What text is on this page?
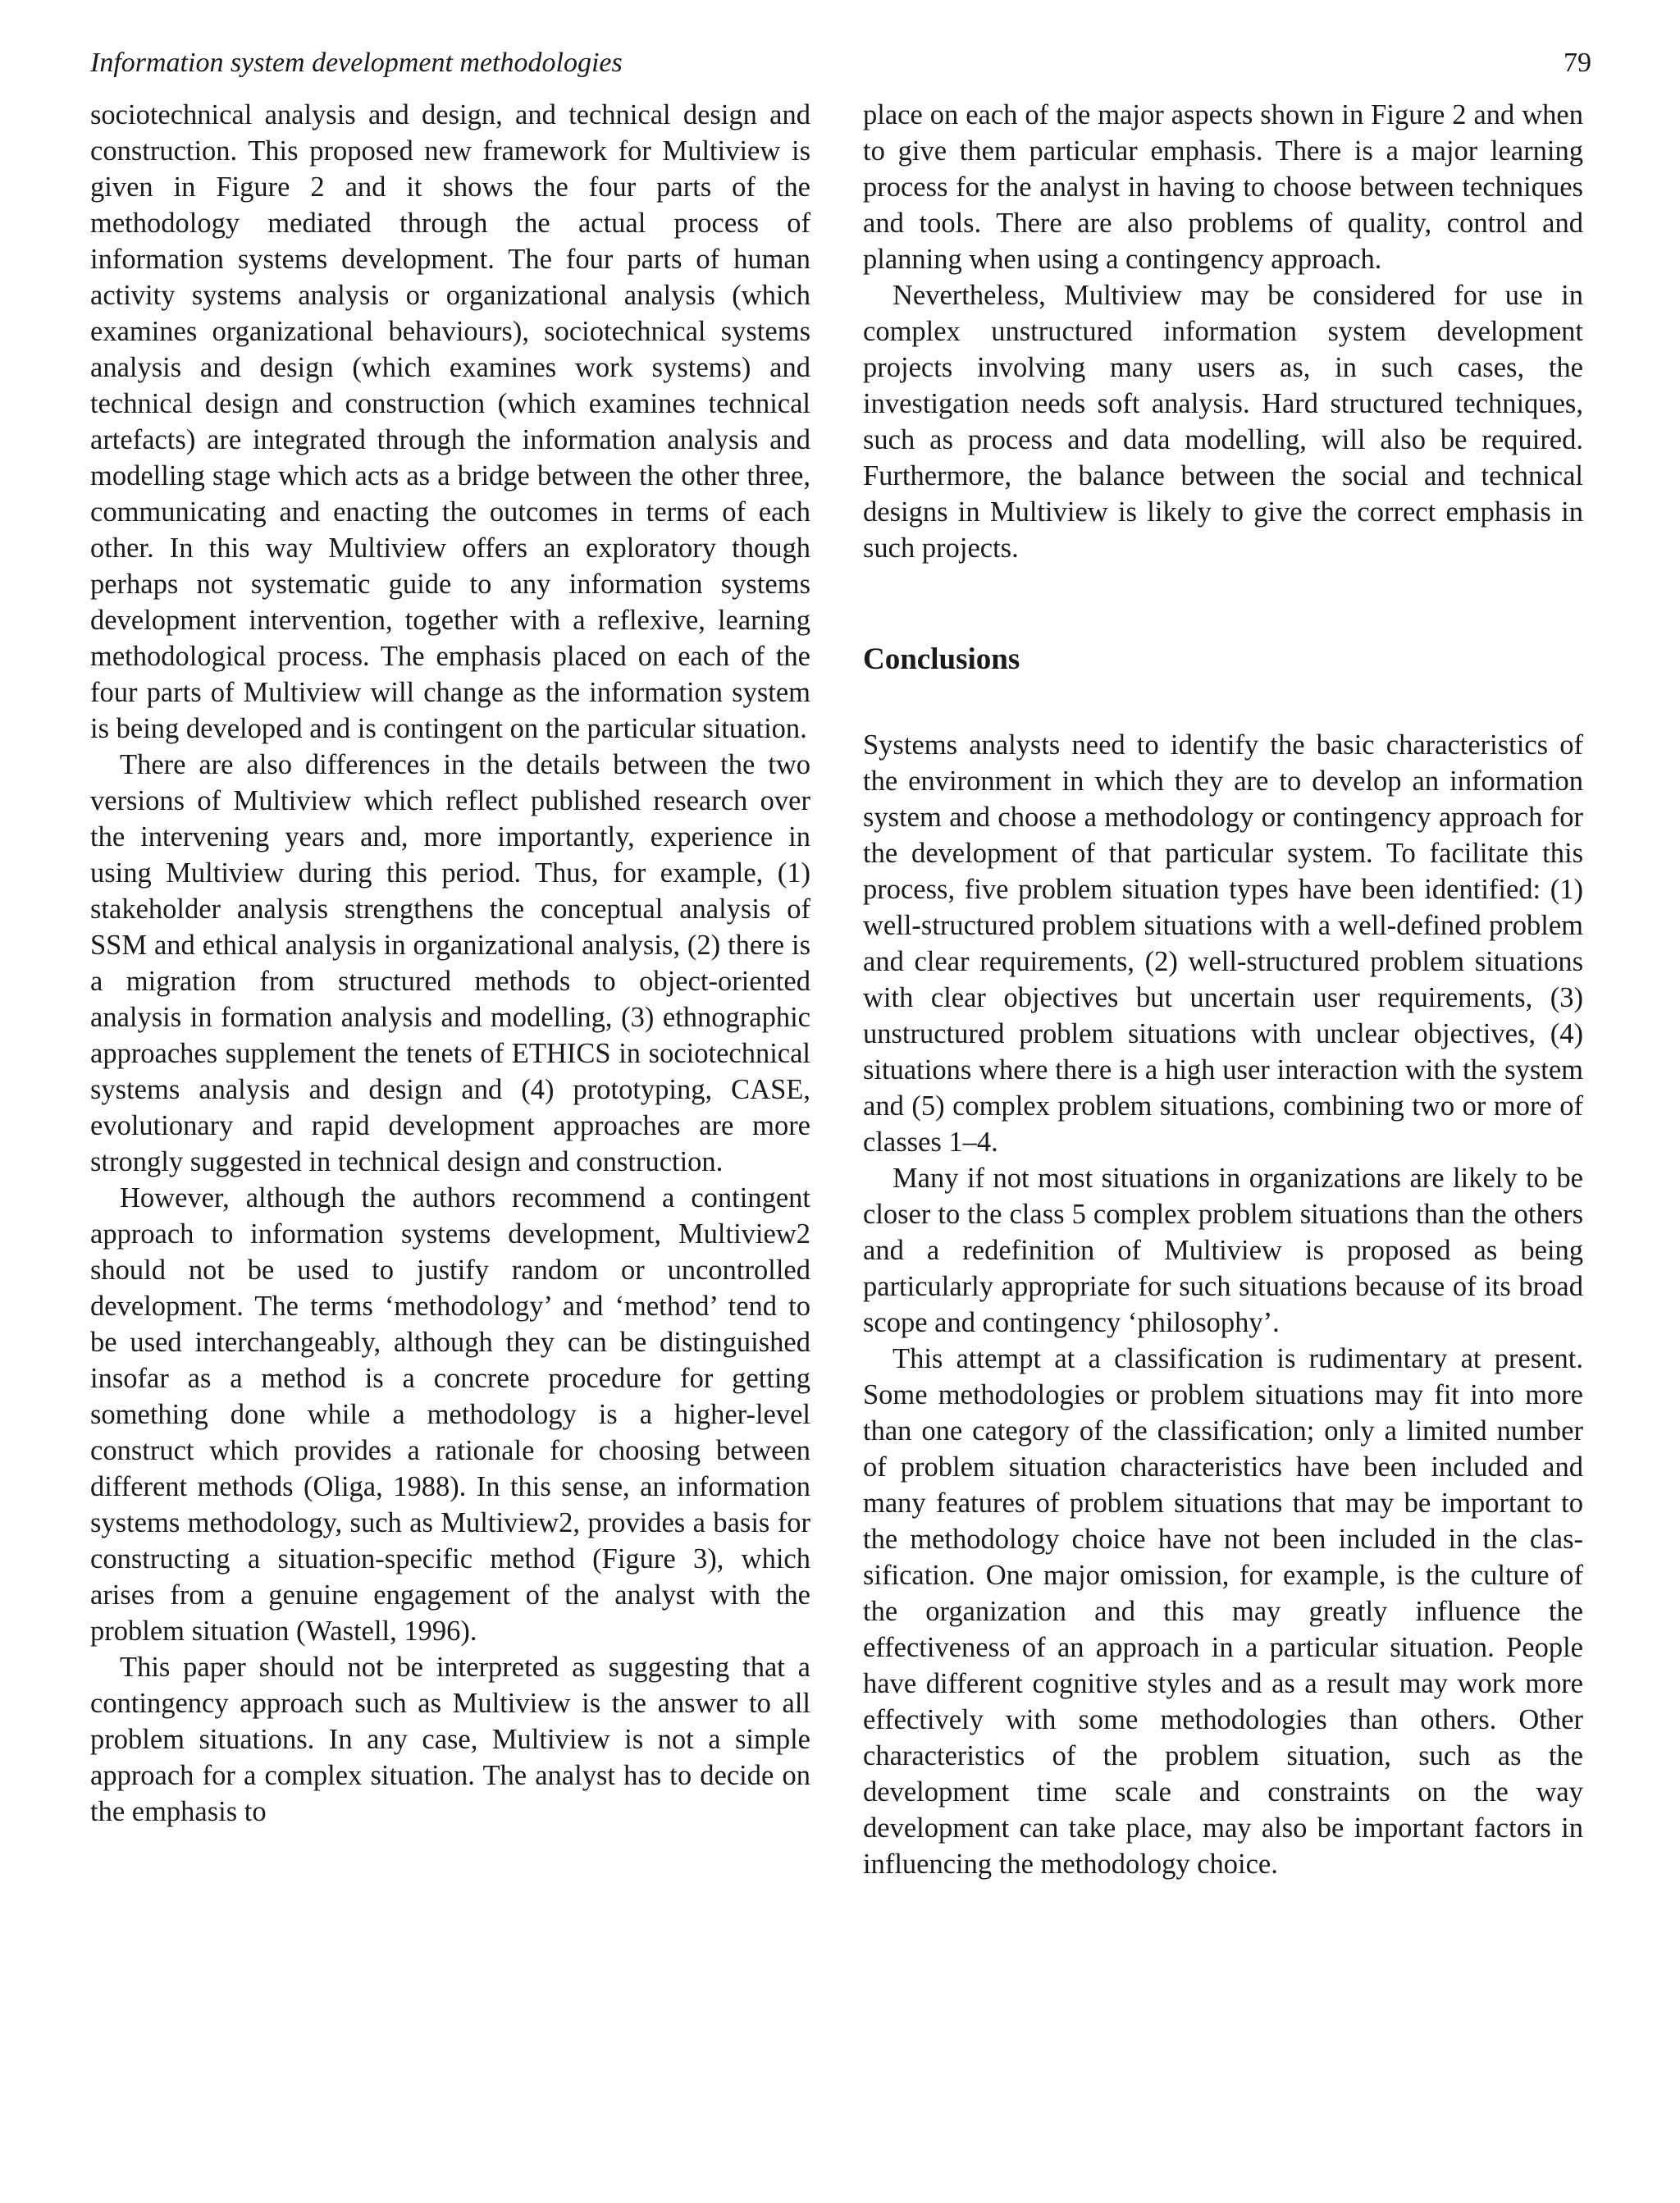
Information system development methodologies	79

sociotechnical analysis and design, and technical design and construction. This proposed new framework for Multiview is given in Figure 2 and it shows the four parts of the methodology mediated through the actual process of information systems development. The four parts of human activity systems analysis or organizational analysis (which examines organizational behaviours), sociotechnical systems analysis and design (which examines work systems) and technical design and construction (which examines technical artefacts) are integrated through the information analysis and modelling stage which acts as a bridge between the other three, communicating and enacting the outcomes in terms of each other. In this way Multiview offers an exploratory though perhaps not systematic guide to any information systems development intervention, together with a reflexive, learning methodological process. The emphasis placed on each of the four parts of Multiview will change as the information system is being developed and is contingent on the particular situation.

There are also differences in the details between the two versions of Multiview which reflect published research over the intervening years and, more importantly, experience in using Multiview during this period. Thus, for example, (1) stakeholder analysis strengthens the conceptual analysis of SSM and ethical analysis in organizational analysis, (2) there is a migration from structured methods to object-oriented analysis in formation analysis and modelling, (3) ethnographic approaches supplement the tenets of ETHICS in sociotechnical systems analysis and design and (4) prototyping, CASE, evolutionary and rapid development approaches are more strongly suggested in technical design and construction.

However, although the authors recommend a contingent approach to information systems development, Multiview2 should not be used to justify random or uncontrolled development. The terms ‘methodology’ and ‘method’ tend to be used interchangeably, although they can be distinguished insofar as a method is a concrete procedure for getting something done while a methodology is a higher-level construct which provides a rationale for choosing between different methods (Oliga, 1988). In this sense, an information systems methodology, such as Multiview2, provides a basis for constructing a situation-specific method (Figure 3), which arises from a genuine engagement of the analyst with the problem situation (Wastell, 1996).

This paper should not be interpreted as suggesting that a contingency approach such as Multiview is the answer to all problem situations. In any case, Multiview is not a simple approach for a complex situation. The analyst has to decide on the emphasis to

place on each of the major aspects shown in Figure 2 and when to give them particular emphasis. There is a major learning process for the analyst in having to choose between techniques and tools. There are also problems of quality, control and planning when using a contingency approach.

Nevertheless, Multiview may be considered for use in complex unstructured information system development projects involving many users as, in such cases, the investigation needs soft analysis. Hard structured techniques, such as process and data modelling, will also be required. Furthermore, the balance between the social and technical designs in Multiview is likely to give the correct emphasis in such projects.

Conclusions

Systems analysts need to identify the basic characteristics of the environment in which they are to develop an information system and choose a methodology or contingency approach for the development of that particular system. To facilitate this process, five problem situation types have been identified: (1) well-structured problem situations with a well-defined problem and clear requirements, (2) well-structured problem situations with clear objectives but uncertain user requirements, (3) unstructured problem situations with unclear objectives, (4) situations where there is a high user interaction with the system and (5) complex problem situations, combining two or more of classes 1–4.

Many if not most situations in organizations are likely to be closer to the class 5 complex problem situations than the others and a redefinition of Multiview is proposed as being particularly appropriate for such situations because of its broad scope and contingency ‘philosophy’.

This attempt at a classification is rudimentary at present. Some methodologies or problem situations may fit into more than one category of the classification; only a limited number of problem situation characteristics have been included and many features of problem situations that may be important to the methodology choice have not been included in the classification. One major omission, for example, is the culture of the organization and this may greatly influence the effectiveness of an approach in a particular situation. People have different cognitive styles and as a result may work more effectively with some methodologies than others. Other characteristics of the problem situation, such as the development time scale and constraints on the way development can take place, may also be important factors in influencing the methodology choice.
